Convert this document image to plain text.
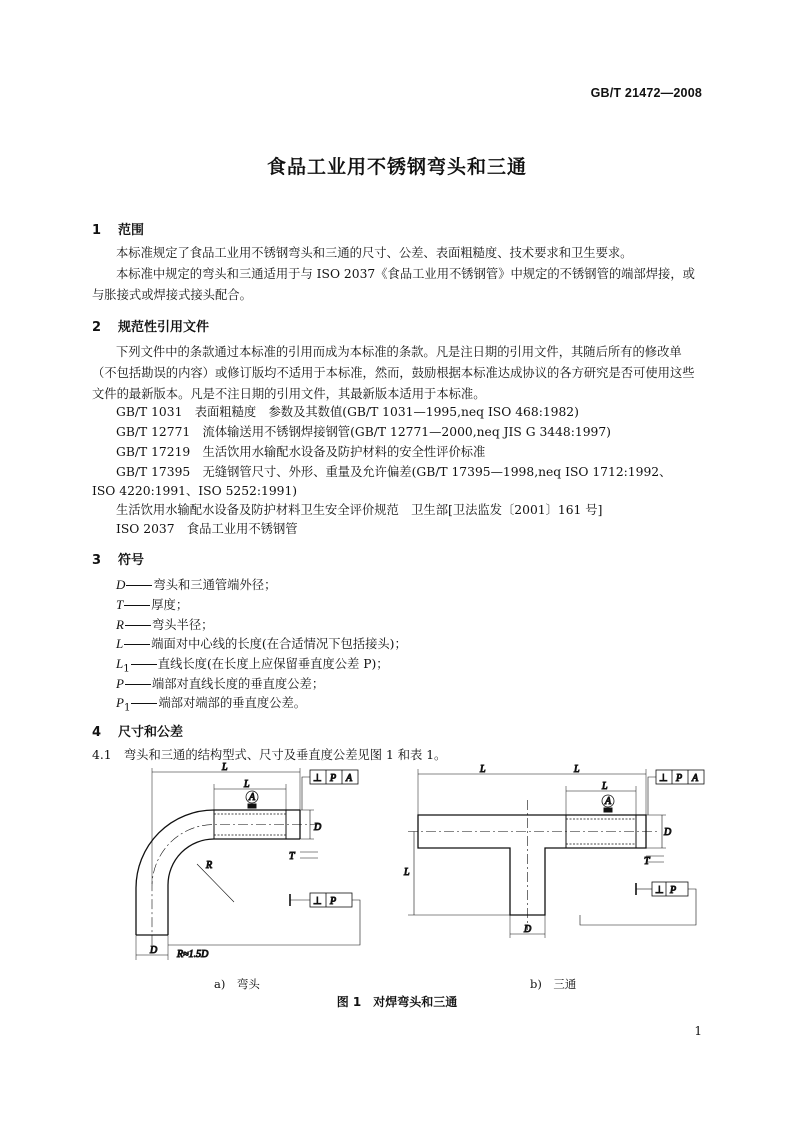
GB/T 21472—2008
食品工业用不锈钢弯头和三通
1 范围
本标准规定了食品工业用不锈钢弯头和三通的尺寸、公差、表面粗糙度、技术要求和卫生要求。
本标准中规定的弯头和三通适用于与 ISO 2037《食品工业用不锈钢管》中规定的不锈钢管的端部焊接，或与胀接式或焊接式接头配合。
2 规范性引用文件
下列文件中的条款通过本标准的引用而成为本标准的条款。凡是注日期的引用文件，其随后所有的修改单（不包括勘误的内容）或修订版均不适用于本标准，然而，鼓励根据本标准达成协议的各方研究是否可使用这些文件的最新版本。凡是不注日期的引用文件，其最新版本适用于本标准。
GB/T 1031　表面粗糙度　参数及其数值(GB/T 1031—1995,neq ISO 468:1982)
GB/T 12771　流体输送用不锈钢焊接钢管(GB/T 12771—2000,neq JIS G 3448:1997)
GB/T 17219　生活饮用水输配水设备及防护材料的安全性评价标准
GB/T 17395　无缝钢管尺寸、外形、重量及允许偏差(GB/T 17395—1998,neq ISO 1712:1992、
ISO 4220:1991、ISO 5252:1991)
生活饮用水输配水设备及防护材料卫生安全评价规范　卫生部[卫法监发〔2001〕161 号]
ISO 2037　食品工业用不锈钢管
3 符号
D 弯头和三通管端外径；
T 厚度；
R 弯头半径；
L 端面对中心线的长度(在合适情况下包括接头)；
$L_1$ 直线长度(在长度上应保留垂直度公差 P)；
P 端部对直线长度的垂直度公差；
$P_1$ 端部对端部的垂直度公差。
4 尺寸和公差
4.1　弯头和三通的结构型式、尺寸及垂直度公差见图 1 和表 1。
R
L
L
A
D
T
D
⊥ P A
⊥ P
R≈1.5D
L	L
L
A
L
D
T
D
⊥ P A
⊥ P
a)　弯头	b)　三通
图 1　对焊弯头和三通
1
